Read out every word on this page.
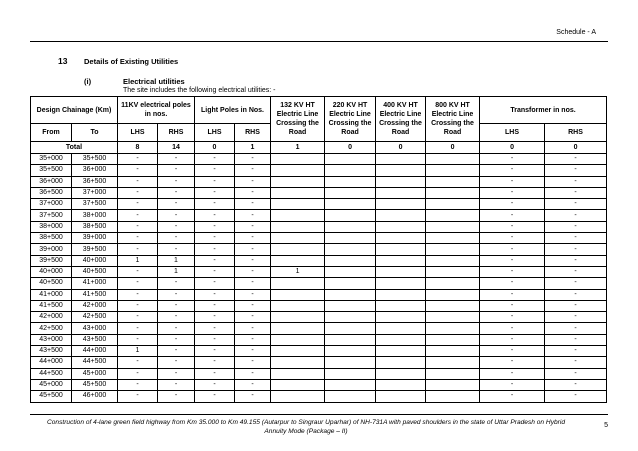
Schedule - A
13 Details of Existing Utilities
(i)	Electrical utilities
The site includes the following electrical utilities: -
Design Chainage (Km)		11KV electrical poles in nos.		Light Poles in Nos.		132 KV HT Electric Line Crossing the Road	220 KV HT Electric Line Crossing the Road	400 KV HT Electric Line Crossing the Road	800 KV HT Electric Line Crossing the Road	Transformer in nos.	
From	To	LHS	RHS	LHS	RHS					LHS	RHS
Total		8	14	0	1	1	0	0	0	0	0
35+000	35+500	-	-	-	-					-	-
35+500	36+000	-	-	-	-					-	-
36+000	36+500	-	-	-	-					-	-
36+500	37+000	-	-	-	-					-	-
37+000	37+500	-	-	-	-					-	-
37+500	38+000	-	-	-	-					-	-
38+000	38+500	-	-	-	-					-	-
38+500	39+000	-	-	-	-					-	-
39+000	39+500	-	-	-	-					-	-
39+500	40+000	1	1	-	-					-	-
40+000	40+500	-	1	-	-	1				-	-
40+500	41+000	-	-	-	-					-	-
41+000	41+500	-	-	-	-					-	-
41+500	42+000	-	-	-	-					-	-
42+000	42+500	-	-	-	-					-	-
42+500	43+000	-	-	-	-					-	-
43+000	43+500	-	-	-	-					-	-
43+500	44+000	1	-	-	-					-	-
44+000	44+500	-	-	-	-					-	-
44+500	45+000	-	-	-	-					-	-
45+000	45+500	-	-	-	-					-	-
45+500	46+000	-	-	-	-					-	-
Construction of 4-lane green field highway from Km 35.000 to Km 49.155 (Autarpur to Singraur Uparhar) of NH-731A with paved shoulders in the state of Uttar Pradesh on Hybrid Annuity Mode (Package – II)
5
